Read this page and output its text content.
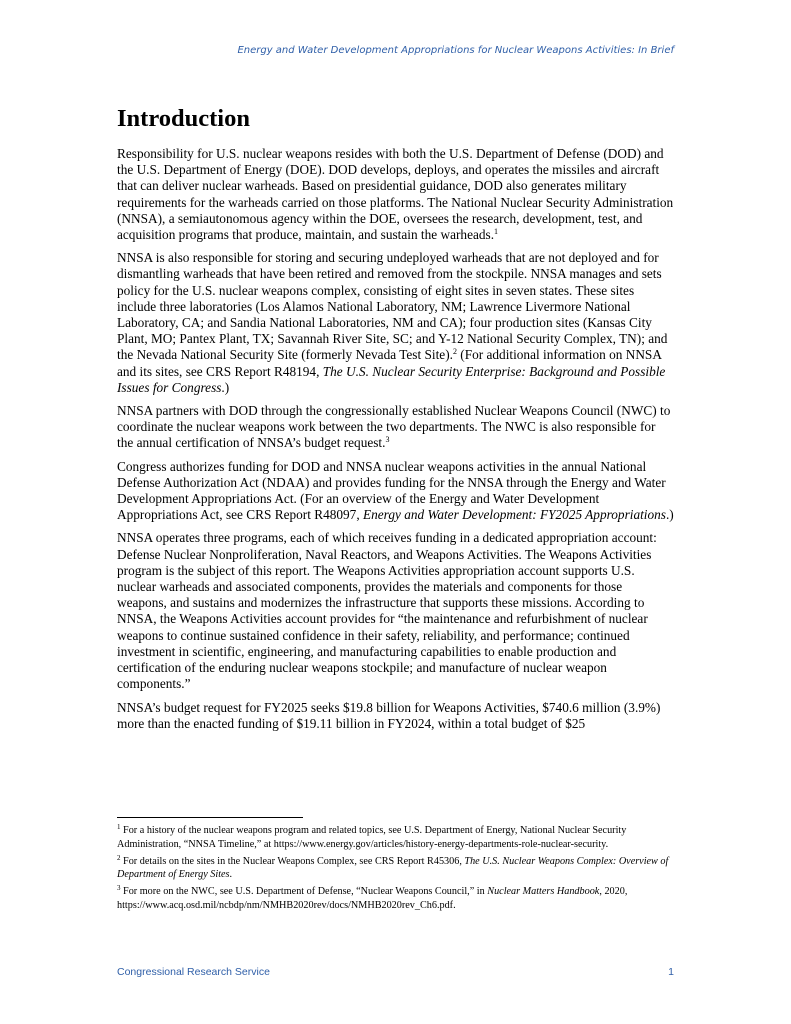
Energy and Water Development Appropriations for Nuclear Weapons Activities: In Brief
Introduction

Responsibility for U.S. nuclear weapons resides with both the U.S. Department of Defense (DOD) and the U.S. Department of Energy (DOE). DOD develops, deploys, and operates the missiles and aircraft that can deliver nuclear warheads. Based on presidential guidance, DOD also generates military requirements for the warheads carried on those platforms. The National Nuclear Security Administration (NNSA), a semiautonomous agency within the DOE, oversees the research, development, test, and acquisition programs that produce, maintain, and sustain the warheads.$^1$

NNSA is also responsible for storing and securing undeployed warheads that are not deployed and for dismantling warheads that have been retired and removed from the stockpile. NNSA manages and sets policy for the U.S. nuclear weapons complex, consisting of eight sites in seven states. These sites include three laboratories (Los Alamos National Laboratory, NM; Lawrence Livermore National Laboratory, CA; and Sandia National Laboratories, NM and CA); four production sites (Kansas City Plant, MO; Pantex Plant, TX; Savannah River Site, SC; and Y-12 National Security Complex, TN); and the Nevada National Security Site (formerly Nevada Test Site).$^2$ (For additional information on NNSA and its sites, see CRS Report R48194, The U.S. Nuclear Security Enterprise: Background and Possible Issues for Congress.)

NNSA partners with DOD through the congressionally established Nuclear Weapons Council (NWC) to coordinate the nuclear weapons work between the two departments. The NWC is also responsible for the annual certification of NNSA’s budget request.$^3$

Congress authorizes funding for DOD and NNSA nuclear weapons activities in the annual National Defense Authorization Act (NDAA) and provides funding for the NNSA through the Energy and Water Development Appropriations Act. (For an overview of the Energy and Water Development Appropriations Act, see CRS Report R48097, Energy and Water Development: FY2025 Appropriations.)

NNSA operates three programs, each of which receives funding in a dedicated appropriation account: Defense Nuclear Nonproliferation, Naval Reactors, and Weapons Activities. The Weapons Activities program is the subject of this report. The Weapons Activities appropriation account supports U.S. nuclear warheads and associated components, provides the materials and components for those weapons, and sustains and modernizes the infrastructure that supports these missions. According to NNSA, the Weapons Activities account provides for “the maintenance and refurbishment of nuclear weapons to continue sustained confidence in their safety, reliability, and performance; continued investment in scientific, engineering, and manufacturing capabilities to enable production and certification of the enduring nuclear weapons stockpile; and manufacture of nuclear weapon components.”

NNSA’s budget request for FY2025 seeks $19.8 billion for Weapons Activities, $740.6 million (3.9%) more than the enacted funding of $19.11 billion in FY2024, within a total budget of $25

$^1$ For a history of the nuclear weapons program and related topics, see U.S. Department of Energy, National Nuclear Security Administration, “NNSA Timeline,” at https://www.energy.gov/articles/history-energy-departments-role-nuclear-security.

$^2$ For details on the sites in the Nuclear Weapons Complex, see CRS Report R45306, The U.S. Nuclear Weapons Complex: Overview of Department of Energy Sites.

$^3$ For more on the NWC, see U.S. Department of Defense, “Nuclear Weapons Council,” in Nuclear Matters Handbook, 2020, https://www.acq.osd.mil/ncbdp/nm/NMHB2020rev/docs/NMHB2020rev_Ch6.pdf.

Congressional Research Service	1
